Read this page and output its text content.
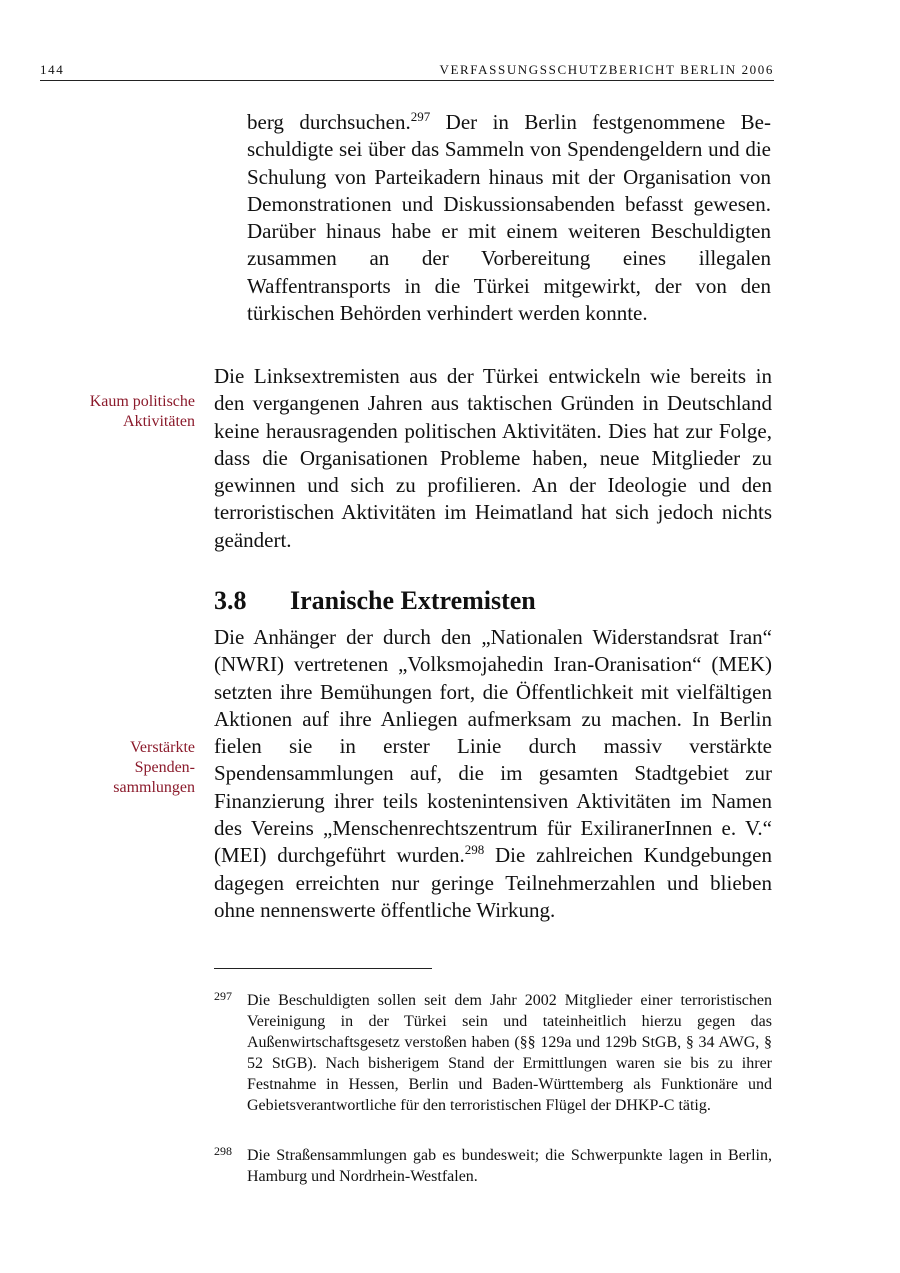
144	VERFASSUNGSSCHUTZBERICHT BERLIN 2006

berg durchsuchen.$^{297}$ Der in Berlin festgenommene Beschuldigte sei über das Sammeln von Spendengeldern und die Schulung von Parteikadern hinaus mit der Organisation von Demonstrationen und Diskussionsabenden befasst gewesen. Darüber hinaus habe er mit einem weiteren Beschuldigten zusammen an der Vorbereitung eines illegalen Waffentransports in die Türkei mitgewirkt, der von den türkischen Behörden verhindert werden konnte.

Kaum politische Aktivitäten

Die Linksextremisten aus der Türkei entwickeln wie bereits in den vergangenen Jahren aus taktischen Gründen in Deutschland keine herausragenden politischen Aktivitäten. Dies hat zur Folge, dass die Organisationen Probleme haben, neue Mitglieder zu gewinnen und sich zu profilieren. An der Ideologie und den terroristischen Aktivitäten im Heimatland hat sich jedoch nichts geändert.

3.8 Iranische Extremisten
Verstärkte Spendensammlungen

Die Anhänger der durch den „Nationalen Widerstandsrat Iran“ (NWRI) vertretenen „Volksmojahedin Iran-Oranisation“ (MEK) setzten ihre Bemühungen fort, die Öffentlichkeit mit vielfältigen Aktionen auf ihre Anliegen aufmerksam zu machen. In Berlin fielen sie in erster Linie durch massiv verstärkte Spendensammlungen auf, die im gesamten Stadtgebiet zur Finanzierung ihrer teils kostenintensiven Aktivitäten im Namen des Vereins „Menschenrechtszentrum für ExiliranerInnen e. V.“ (MEI) durchgeführt wurden.$^{298}$ Die zahlreichen Kundgebungen dagegen erreichten nur geringe Teilnehmerzahlen und blieben ohne nennenswerte öffentliche Wirkung.

297 Die Beschuldigten sollen seit dem Jahr 2002 Mitglieder einer terroristischen Vereinigung in der Türkei sein und tateinheitlich hierzu gegen das Außenwirtschaftsgesetz verstoßen haben (§§ 129a und 129b StGB, § 34 AWG, § 52 StGB). Nach bisherigem Stand der Ermittlungen waren sie bis zu ihrer Festnahme in Hessen, Berlin und Baden-Württemberg als Funktionäre und Gebietsverantwortliche für den terroristischen Flügel der DHKP-C tätig.
298 Die Straßensammlungen gab es bundesweit; die Schwerpunkte lagen in Berlin, Hamburg und Nordrhein-Westfalen.
